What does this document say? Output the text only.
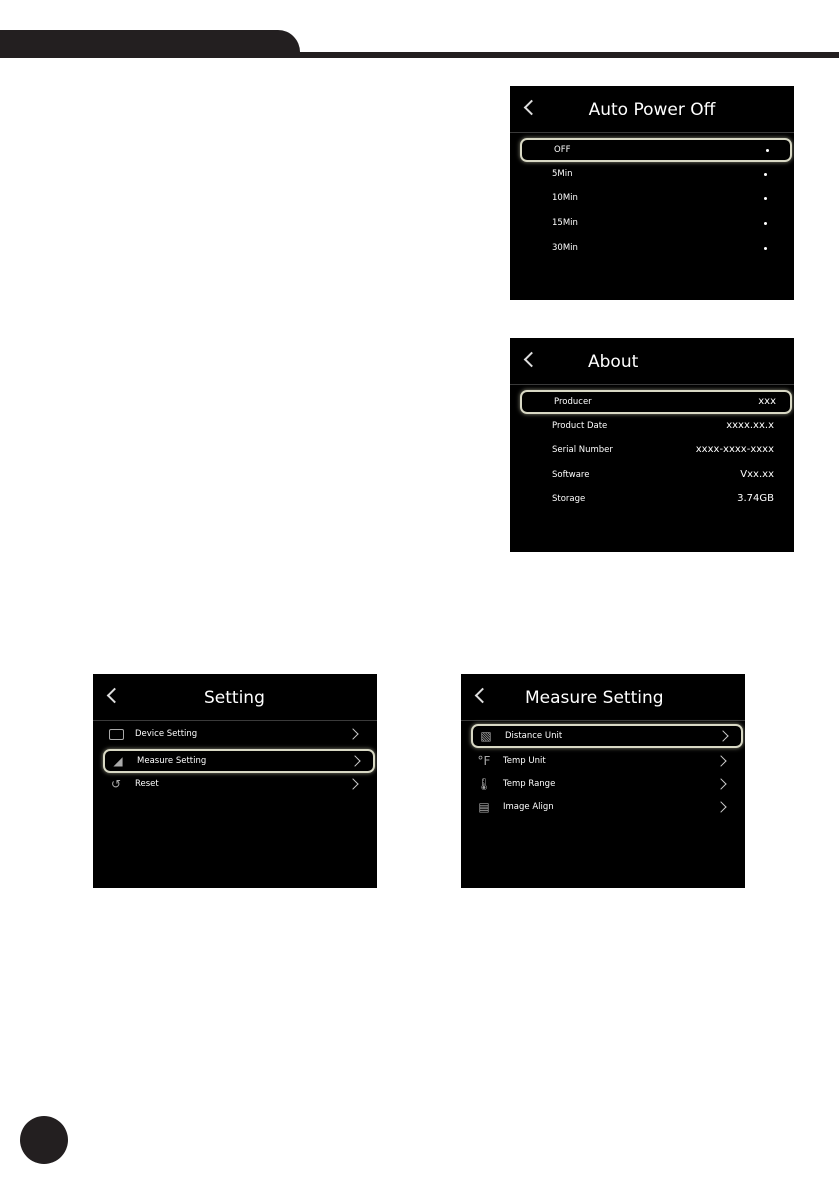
Auto Power Off
OFF
5Min
10Min
15Min
30Min
About
Producer	xxx
Product Date	xxxx.xx.x
Serial Number	xxxx-xxxx-xxxx
Software	Vxx.xx
Storage	3.74GB
Setting
Device Setting
◢	Measure Setting
↺	Reset
Measure Setting
▧	Distance Unit
°F Temp Unit
🌡 Temp Range
▤	Image Align
